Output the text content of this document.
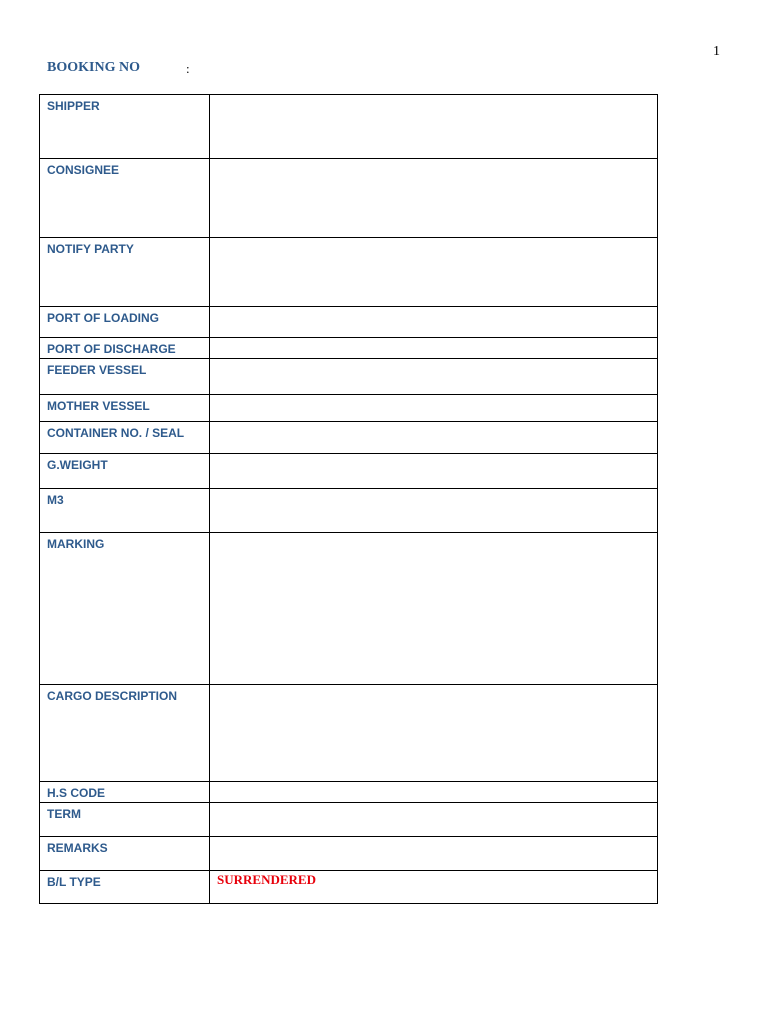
1
BOOKING NO	:
SHIPPER	
CONSIGNEE	
NOTIFY PARTY	
PORT OF LOADING	
PORT OF DISCHARGE	
FEEDER VESSEL	
MOTHER VESSEL	
CONTAINER NO. / SEAL	
G.WEIGHT	
M3	
MARKING	
CARGO DESCRIPTION	
H.S CODE	
TERM	
REMARKS	
B/L TYPE	SURRENDERED
